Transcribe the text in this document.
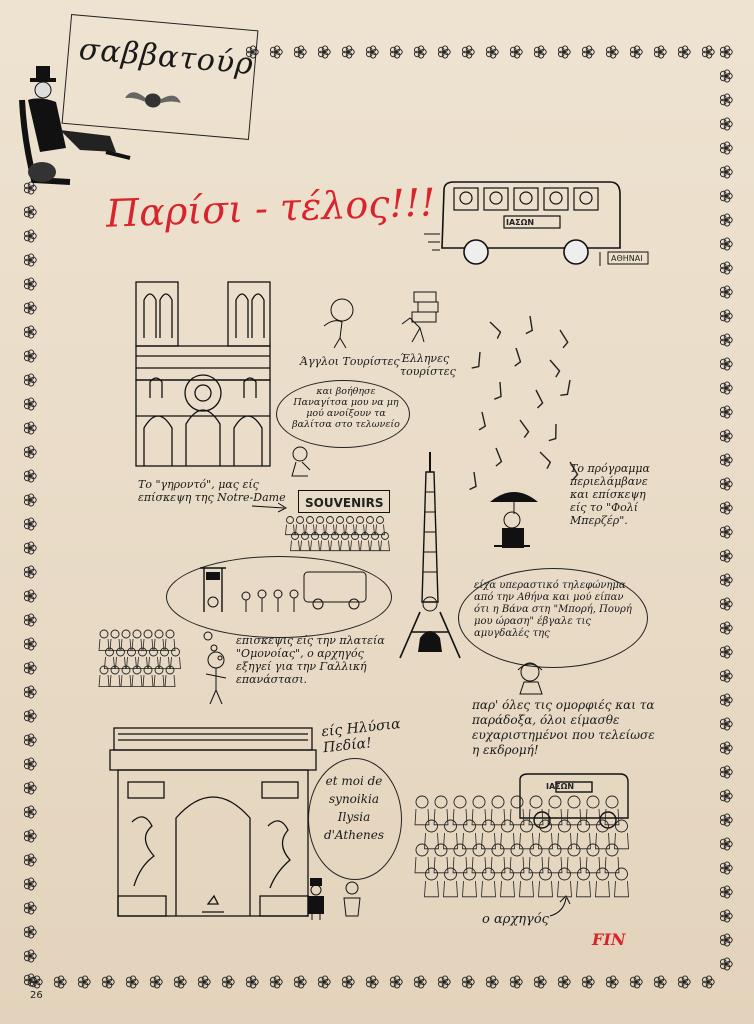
σαββατούρ
Παρίσι - τέλος!!!	ΙΑΣΩΝ
ΑΘΗΝΑΙ
Το "γηροντό", μας είς επίσκεψη της Notre-Dame
Άγγλοι Τουρίστες Έλληνες τουρίστες
και βοήθησε Παναγίτσα μου να μη μού ανοίξουν τα βαλίτσα στο τελωνείο
SOUVENIRS
Το πρόγραμμα περιελάμβανε και επίσκεψη είς το "Φολί Μπερζέρ".
επισκεψις είς την πλατεία "Ομονοίας", ο αρχηγός εξηγεί για την Γαλλική επανάστασι.
είχα υπεραστικό τηλεφώνημα από την Αθήνα και μού είπαν ότι η Βάνα στη "Μπορή, Πουρή μου ώραση" έβγαλε τις αμυγδαλές της
παρ' όλες τις ομορφιές και τα παράδοξα, όλοι είμασθε ευχαριστημένοι που τελείωσε η εκδρομή!
είς Ηλύσια Πεδία!
et moi de synoikia Ilysia d'Athenes
ΙΑΣΩΝ
ο αρχηγός
FIN
26
